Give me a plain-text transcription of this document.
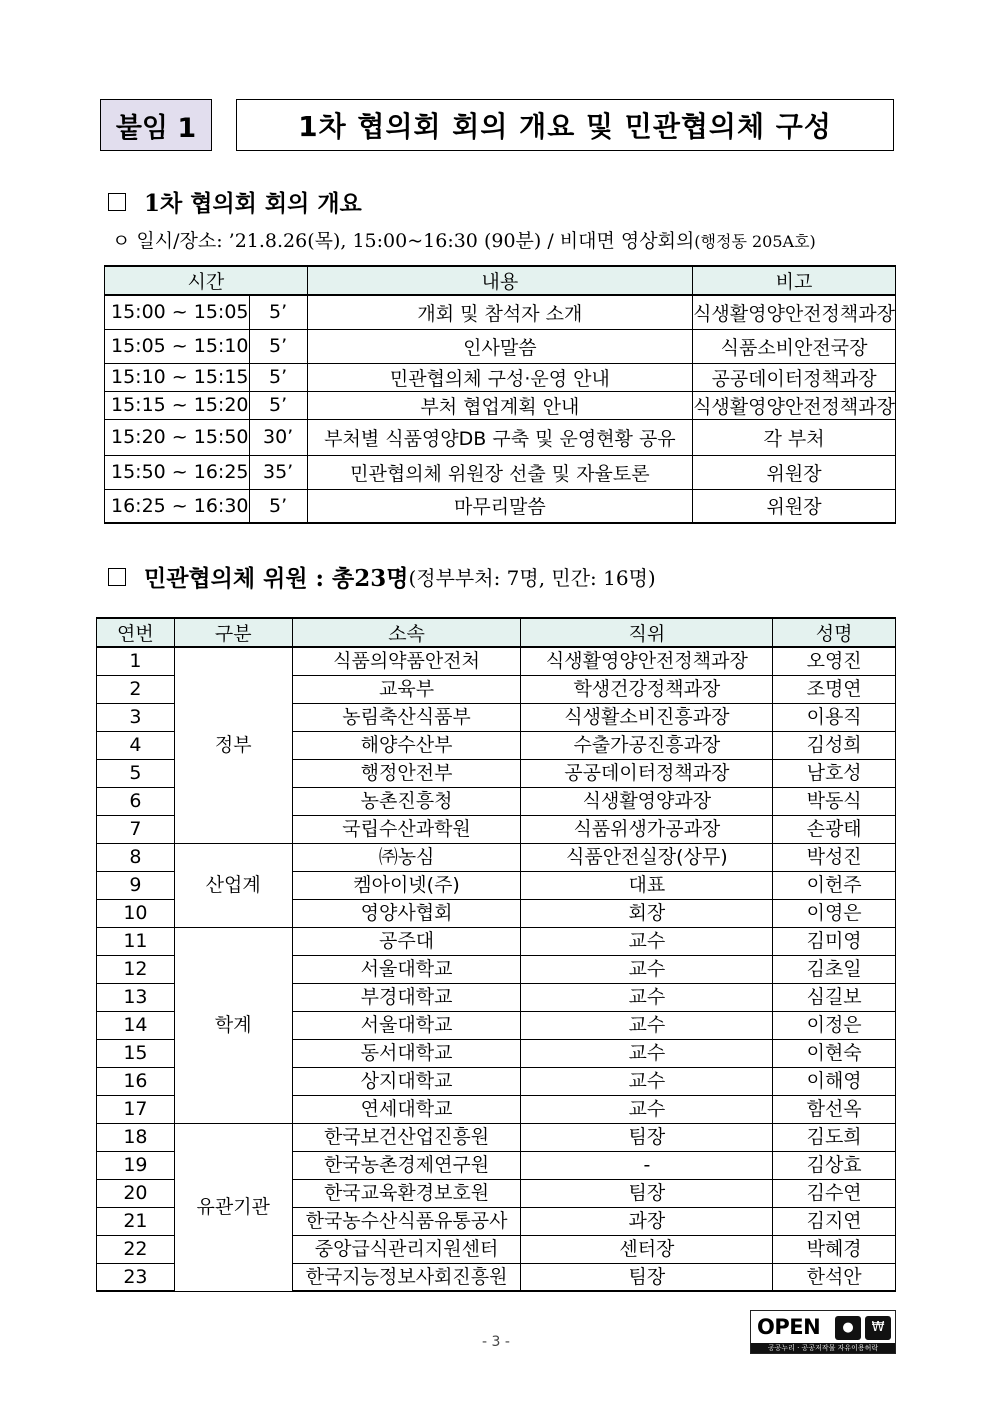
붙임 1	1차 협의회 회의 개요 및 민관협의체 구성
1차 협의회 회의 개요
ㅇ 일시/장소: ’21.8.26(목), 15:00~16:30 (90분) / 비대면 영상회의(행정동 205A호)
시간		내용	비고
15:00 ~ 15:05	5’	개회 및 참석자 소개	식생활영양안전정책과장
15:05 ~ 15:10	5’	인사말씀	식품소비안전국장
15:10 ~ 15:15	5’	민관협의체 구성·운영 안내	공공데이터정책과장
15:15 ~ 15:20	5’	부처 협업계획 안내	식생활영양안전정책과장
15:20 ~ 15:50	30’	부처별 식품영양DB 구축 및 운영현황 공유	각 부처
15:50 ~ 16:25	35’	민관협의체 위원장 선출 및 자율토론	위원장
16:25 ~ 16:30	5’	마무리말씀	위원장
민관협의체 위원 : 총23명 (정부부처: 7명, 민간: 16명)
연번	구분	소속	직위	성명
1	정부	식품의약품안전처	식생활영양안전정책과장	오영진
2		교육부	학생건강정책과장	조명연
3		농림축산식품부	식생활소비진흥과장	이용직
4		해양수산부	수출가공진흥과장	김성희
5		행정안전부	공공데이터정책과장	남호성
6		농촌진흥청	식생활영양과장	박동식
7		국립수산과학원	식품위생가공과장	손광태
8	산업계	㈜농심	식품안전실장(상무)	박성진
9		켐아이넷(주)	대표	이헌주
10		영양사협회	회장	이영은
11	학계	공주대	교수	김미영
12		서울대학교	교수	김초일
13		부경대학교	교수	심길보
14		서울대학교	교수	이정은
15		동서대학교	교수	이현숙
16		상지대학교	교수	이해영
17		연세대학교	교수	함선옥
18	유관기관	한국보건산업진흥원	팀장	김도희
19		한국농촌경제연구원	-	김상효
20		한국교육환경보호원	팀장	김수연
21		한국농수산식품유통공사	과장	김지연
22		중앙급식관리지원센터	센터장	박혜경
23		한국지능정보사회진흥원	팀장	한석안
- 3 -
OPEN	●	₩
공공누리 · 공공저작물 자유이용허락
